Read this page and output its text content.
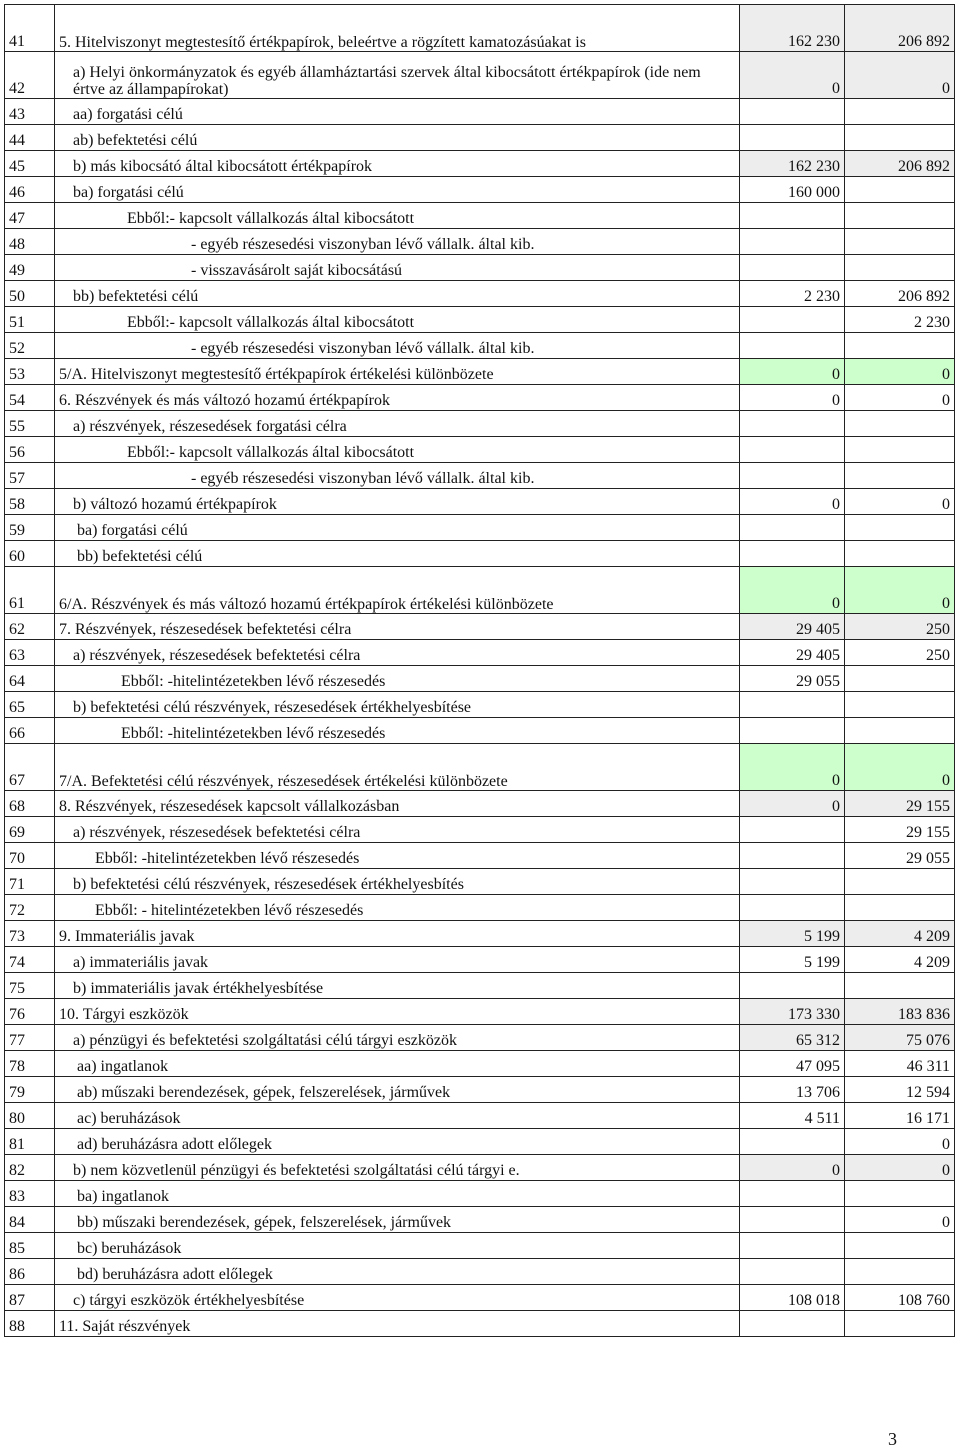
41	5. Hitelviszonyt megtestesítő értékpapírok, beleértve a rögzített kamatozásúakat is	162 230	206 892
42	a) Helyi önkormányzatok és egyéb államháztartási szervek által kibocsátott értékpapírok (ide nem értve az állampapírokat)	0	0
43	aa) forgatási célú		
44	ab) befektetési célú		
45	b) más kibocsátó által kibocsátott értékpapírok	162 230	206 892
46	ba) forgatási célú	160 000	
47	Ebből:- kapcsolt vállalkozás által kibocsátott		
48	- egyéb részesedési viszonyban lévő vállalk. által kib.		
49	- visszavásárolt saját kibocsátású		
50	bb) befektetési célú	2 230	206 892
51	Ebből:- kapcsolt vállalkozás által kibocsátott		2 230
52	- egyéb részesedési viszonyban lévő vállalk. által kib.		
53	5/A. Hitelviszonyt megtestesítő értékpapírok értékelési különbözete	0	0
54	6. Részvények és más változó hozamú értékpapírok	0	0
55	a) részvények, részesedések forgatási célra		
56	Ebből:- kapcsolt vállalkozás által kibocsátott		
57	- egyéb részesedési viszonyban lévő vállalk. által kib.		
58	b) változó hozamú értékpapírok	0	0
59	ba) forgatási célú		
60	bb) befektetési célú		
61	6/A. Részvények és más változó hozamú értékpapírok értékelési különbözete	0	0
62	7. Részvények, részesedések befektetési célra	29 405	250
63	a) részvények, részesedések befektetési célra	29 405	250
64	Ebből: -hitelintézetekben lévő részesedés	29 055	
65	b) befektetési célú részvények, részesedések értékhelyesbítése		
66	Ebből: -hitelintézetekben lévő részesedés		
67	7/A. Befektetési célú részvények, részesedések értékelési különbözete	0	0
68	8. Részvények, részesedések kapcsolt vállalkozásban	0	29 155
69	a) részvények, részesedések befektetési célra		29 155
70	Ebből: -hitelintézetekben lévő részesedés		29 055
71	b) befektetési célú részvények, részesedések értékhelyesbítés		
72	Ebből: - hitelintézetekben lévő részesedés		
73	9. Immateriális javak	5 199	4 209
74	a) immateriális javak	5 199	4 209
75	b) immateriális javak értékhelyesbítése		
76	10. Tárgyi eszközök	173 330	183 836
77	a) pénzügyi és befektetési szolgáltatási célú tárgyi eszközök	65 312	75 076
78	aa) ingatlanok	47 095	46 311
79	ab) műszaki berendezések, gépek, felszerelések, járművek	13 706	12 594
80	ac) beruházások	4 511	16 171
81	ad) beruházásra adott előlegek		0
82	b) nem közvetlenül pénzügyi és befektetési szolgáltatási célú tárgyi e.	0	0
83	ba) ingatlanok		
84	bb) műszaki berendezések, gépek, felszerelések, járművek		0
85	bc) beruházások		
86	bd) beruházásra adott előlegek		
87	c) tárgyi eszközök értékhelyesbítése	108 018	108 760
88	11. Saját részvények		
3
